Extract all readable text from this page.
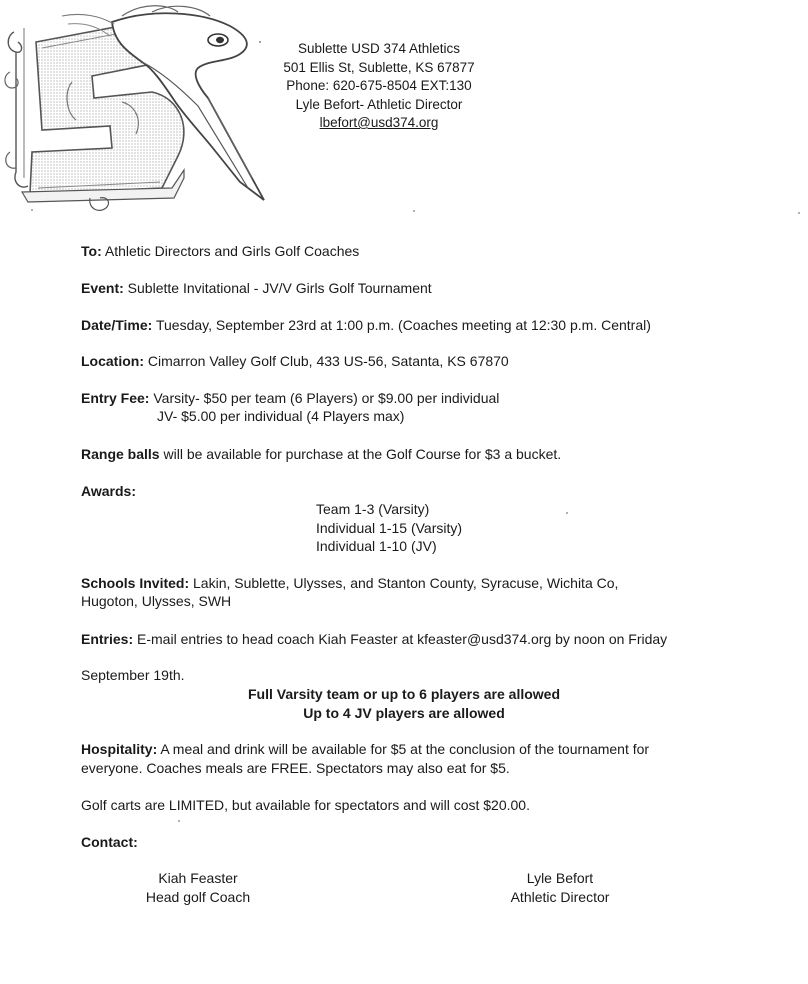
Sublette USD 374 Athletics
501 Ellis St, Sublette, KS 67877
Phone: 620-675-8504 EXT:130
Lyle Befort- Athletic Director
lbefort@usd374.org
To: Athletic Directors and Girls Golf Coaches
Event: Sublette Invitational - JV/V Girls Golf Tournament
Date/Time: Tuesday, September 23rd at 1:00 p.m. (Coaches meeting at 12:30 p.m. Central)
Location: Cimarron Valley Golf Club, 433 US-56, Satanta, KS 67870
Entry Fee: Varsity- $50 per team (6 Players) or $9.00 per individual
JV- $5.00 per individual (4 Players max)
Range balls will be available for purchase at the Golf Course for $3 a bucket.
Awards:
Team 1-3 (Varsity)
Individual 1-15 (Varsity)
Individual 1-10 (JV)
Schools Invited: Lakin, Sublette, Ulysses, and Stanton County, Syracuse, Wichita Co,
Hugoton, Ulysses, SWH
Entries: E-mail entries to head coach Kiah Feaster at kfeaster@usd374.org by noon on Friday
September 19th.
Full Varsity team or up to 6 players are allowed
Up to 4 JV players are allowed
Hospitality: A meal and drink will be available for $5 at the conclusion of the tournament for
everyone. Coaches meals are FREE. Spectators may also eat for $5.
Golf carts are LIMITED, but available for spectators and will cost $20.00.
Contact:
Kiah Feaster
Head golf Coach
Lyle Befort
Athletic Director
